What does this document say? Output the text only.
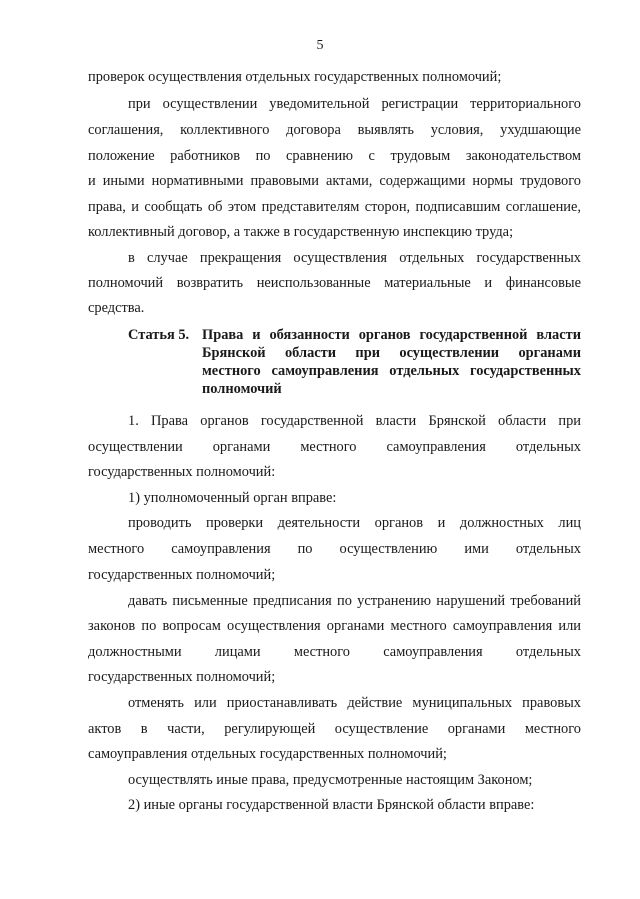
5
проверок осуществления отдельных государственных полномочий;
при осуществлении уведомительной регистрации территориального
соглашения, коллективного договора выявлять условия, ухудшающие
положение работников по сравнению с трудовым законодательством
и иными нормативными правовыми актами, содержащими нормы трудового
права, и сообщать об этом представителям сторон, подписавшим соглашение,
коллективный договор, а также в государственную инспекцию труда;
в случае прекращения осуществления отдельных государственных
полномочий возвратить неиспользованные материальные и финансовые
средства.
Статья 5. Права и обязанности органов государственной власти
Брянской области при осуществлении органами
местного самоуправления отдельных государственных
полномочий
1. Права органов государственной власти Брянской области при
осуществлении органами местного самоуправления отдельных
государственных полномочий:
1) уполномоченный орган вправе:
проводить проверки деятельности органов и должностных лиц
местного самоуправления по осуществлению ими отдельных
государственных полномочий;
давать письменные предписания по устранению нарушений требований
законов по вопросам осуществления органами местного самоуправления или
должностными лицами местного самоуправления отдельных
государственных полномочий;
отменять или приостанавливать действие муниципальных правовых
актов в части, регулирующей осуществление органами местного
самоуправления отдельных государственных полномочий;
осуществлять иные права, предусмотренные настоящим Законом;
2) иные органы государственной власти Брянской области вправе:
